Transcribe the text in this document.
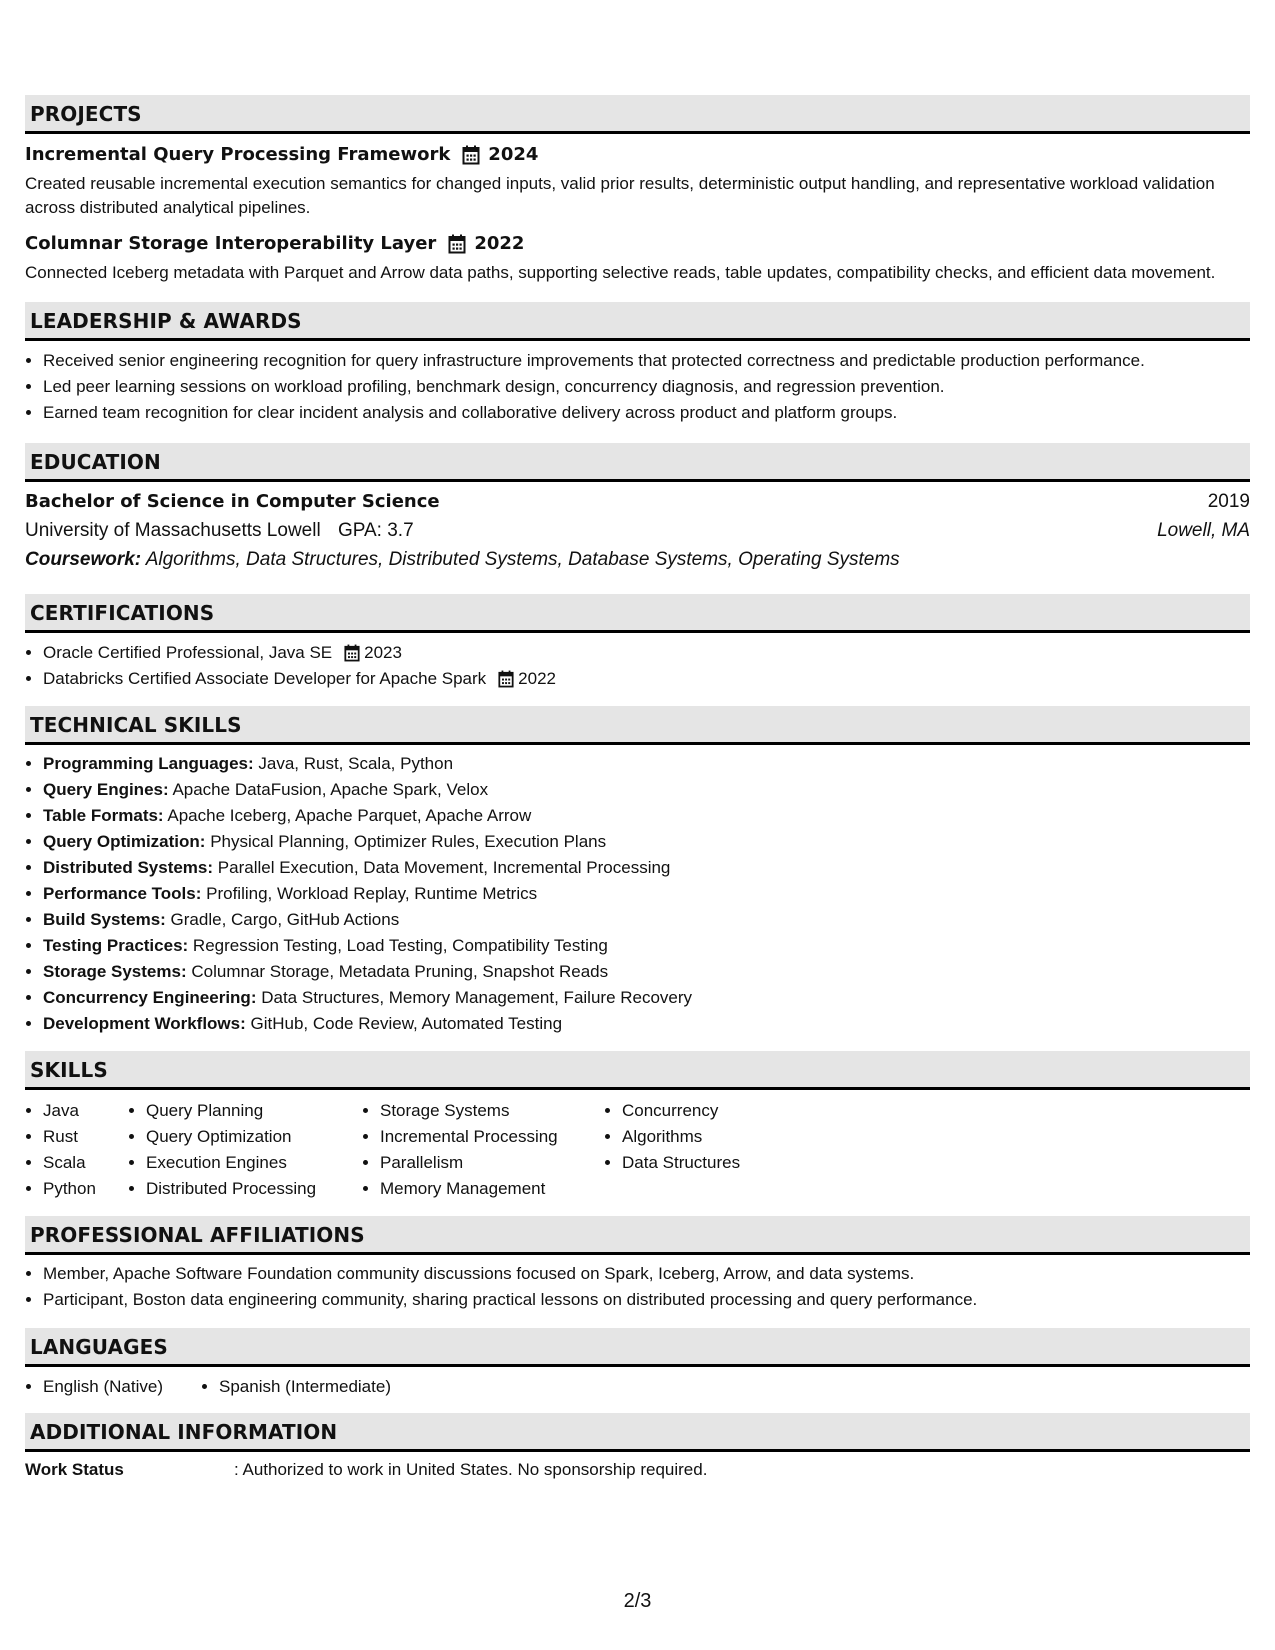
PROJECTS
Incremental Query Processing Framework 2024
Created reusable incremental execution semantics for changed inputs, valid prior results, deterministic output handling, and representative workload validation across distributed analytical pipelines.
Columnar Storage Interoperability Layer 2022
Connected Iceberg metadata with Parquet and Arrow data paths, supporting selective reads, table updates, compatibility checks, and efficient data movement.
LEADERSHIP & AWARDS
• Received senior engineering recognition for query infrastructure improvements that protected correctness and predictable production performance.
• Led peer learning sessions on workload profiling, benchmark design, concurrency diagnosis, and regression prevention.
• Earned team recognition for clear incident analysis and collaborative delivery across product and platform groups.
EDUCATION
Bachelor of Science in Computer Science	2019
University of Massachusetts Lowell GPA: 3.7	Lowell, MA
Coursework: Algorithms, Data Structures, Distributed Systems, Database Systems, Operating Systems
CERTIFICATIONS
• Oracle Certified Professional, Java SE 2023
• Databricks Certified Associate Developer for Apache Spark 2022
TECHNICAL SKILLS
• Programming Languages: Java, Rust, Scala, Python
• Query Engines: Apache DataFusion, Apache Spark, Velox
• Table Formats: Apache Iceberg, Apache Parquet, Apache Arrow
• Query Optimization: Physical Planning, Optimizer Rules, Execution Plans
• Distributed Systems: Parallel Execution, Data Movement, Incremental Processing
• Performance Tools: Profiling, Workload Replay, Runtime Metrics
• Build Systems: Gradle, Cargo, GitHub Actions
• Testing Practices: Regression Testing, Load Testing, Compatibility Testing
• Storage Systems: Columnar Storage, Metadata Pruning, Snapshot Reads
• Concurrency Engineering: Data Structures, Memory Management, Failure Recovery
• Development Workflows: GitHub, Code Review, Automated Testing
SKILLS
• Java
• Rust
• Scala
• Python
• Query Planning
• Query Optimization
• Execution Engines
• Distributed Processing
• Storage Systems
• Incremental Processing
• Parallelism
• Memory Management
• Concurrency
• Algorithms
• Data Structures
PROFESSIONAL AFFILIATIONS
• Member, Apache Software Foundation community discussions focused on Spark, Iceberg, Arrow, and data systems.
• Participant, Boston data engineering community, sharing practical lessons on distributed processing and query performance.
LANGUAGES
• English (Native)
•	Spanish (Intermediate)
ADDITIONAL INFORMATION
Work Status	: Authorized to work in United States. No sponsorship required.
2/3
